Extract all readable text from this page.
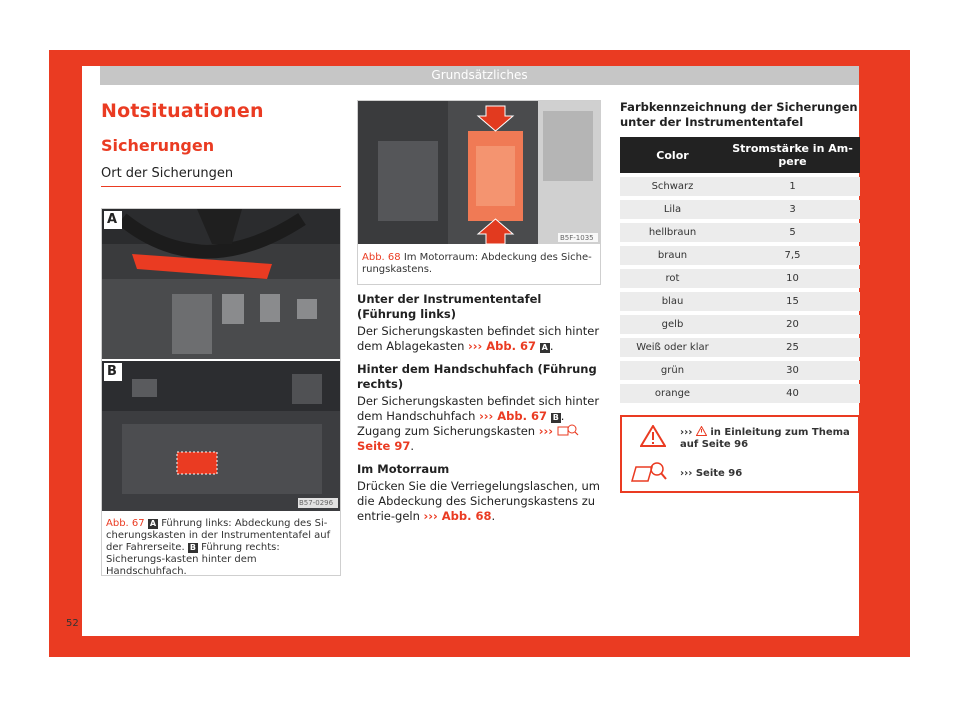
Grundsätzliches
Notsituationen
Sicherungen
Ort der Sicherungen
A
B
B57-0296
Abb. 67 A Führung links: Abdeckung des Si-cherungskasten in der Instrumententafel auf der Fahrerseite. B Führung rechts: Sicherungs-kasten hinter dem Handschuhfach.
B5F-1035
Abb. 68 Im Motorraum: Abdeckung des Siche-rungskastens.
Unter der Instrumententafel (Führung links)

Der Sicherungskasten befindet sich hinter dem Ablagekasten ››› Abb. 67 A .

Hinter dem Handschuhfach (Führung rechts)

Der Sicherungskasten befindet sich hinter dem Handschuhfach ››› Abb. 67 B . Zugang zum Sicherungskasten ›››  Seite 97.

Im Motorraum

Drücken Sie die Verriegelungslaschen, um die Abdeckung des Sicherungskastens zu entrie-geln ››› Abb. 68.

Farbkennzeichnung der Sicherungen unter der Instrumententafel
Color	Stromstärke in Am-pere
Schwarz	1
Lila	3
hellbraun	5
braun	7,5
rot	10
blau	15
gelb	20
Weiß oder klar	25
grün	30
orange	40
››› in Einleitung zum Thema auf Seite 96
››› Seite 96
52
